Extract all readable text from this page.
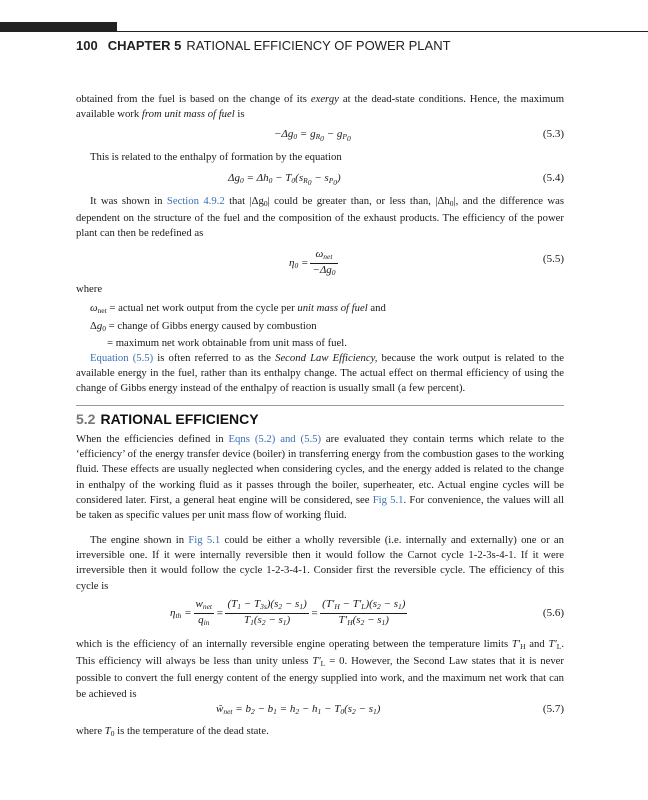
100 CHAPTER 5 RATIONAL EFFICIENCY OF POWER PLANT

obtained from the fuel is based on the change of its exergy at the dead-state conditions. Hence, the maximum available work from unit mass of fuel is

$-\Delta g_0 = g_{R_0} - g_{P_0}$	(5.3)

This is related to the enthalpy of formation by the equation

$\Delta g_0 = \Delta h_0 - T_0(s_{R_0} - s_{P_0})$	(5.4)

It was shown in Section 4.9.2 that $|\Delta g_0|$ could be greater than, or less than, $|\Delta h_0|$, and the difference was dependent on the structure of the fuel and the composition of the exhaust products. The efficiency of the power plant can then be redefined as

$\eta_0 = \frac{\omega_{net}}{-\Delta g_0}$	(5.5)

where

$\omega_{net}$ = actual net work output from the cycle per unit mass of fuel and
$\Delta g_0$ = change of Gibbs energy caused by combustion
= maximum net work obtainable from unit mass of fuel.

Equation (5.5) is often referred to as the Second Law Efficiency, because the work output is related to the available energy in the fuel, rather than its enthalpy change. The actual effect on thermal efficiency of using the change of Gibbs energy instead of the enthalpy of reaction is usually small (a few percent).

5.2 RATIONAL EFFICIENCY

When the efficiencies defined in Eqns (5.2) and (5.5) are evaluated they contain terms which relate to the ‘efficiency’ of the energy transfer device (boiler) in transferring energy from the combustion gases to the working fluid. These effects are usually neglected when considering cycles, and the energy added is related to the change in enthalpy of the working fluid as it passes through the boiler, superheater, etc. Actual engine cycles will be considered later. First, a general heat engine will be considered, see Fig 5.1. For convenience, the values will all be taken as specific values per unit mass flow of working fluid.

The engine shown in Fig 5.1 could be either a wholly reversible (i.e. internally and externally) one or an irreversible one. If it were internally reversible then it would follow the Carnot cycle 1-2-3s-4-1. If it were irreversible then it would follow the cycle 1-2-3-4-1. Consider first the reversible cycle. The efficiency of this cycle is

$\eta_{th} = \frac{w_{net}}{q_{in}} = \frac{(T_1 - T_{3s})(s_2 - s_1)}{T_1(s_2 - s_1)} = \frac{(T'_H - T'_L)(s_2 - s_1)}{T'_H(s_2 - s_1)}$	(5.6)

which is the efficiency of an internally reversible engine operating between the temperature limits $T'_H$ and $T'_L$. This efficiency will always be less than unity unless $T'_L = 0$. However, the Second Law states that it is never possible to convert the full energy content of the energy supplied into work, and the maximum net work that can be achieved is

$ŵ_{net} = b_2 - b_1 = h_2 - h_1 - T_0(s_2 - s_1)$	(5.7)

where $T_0$ is the temperature of the dead state.
